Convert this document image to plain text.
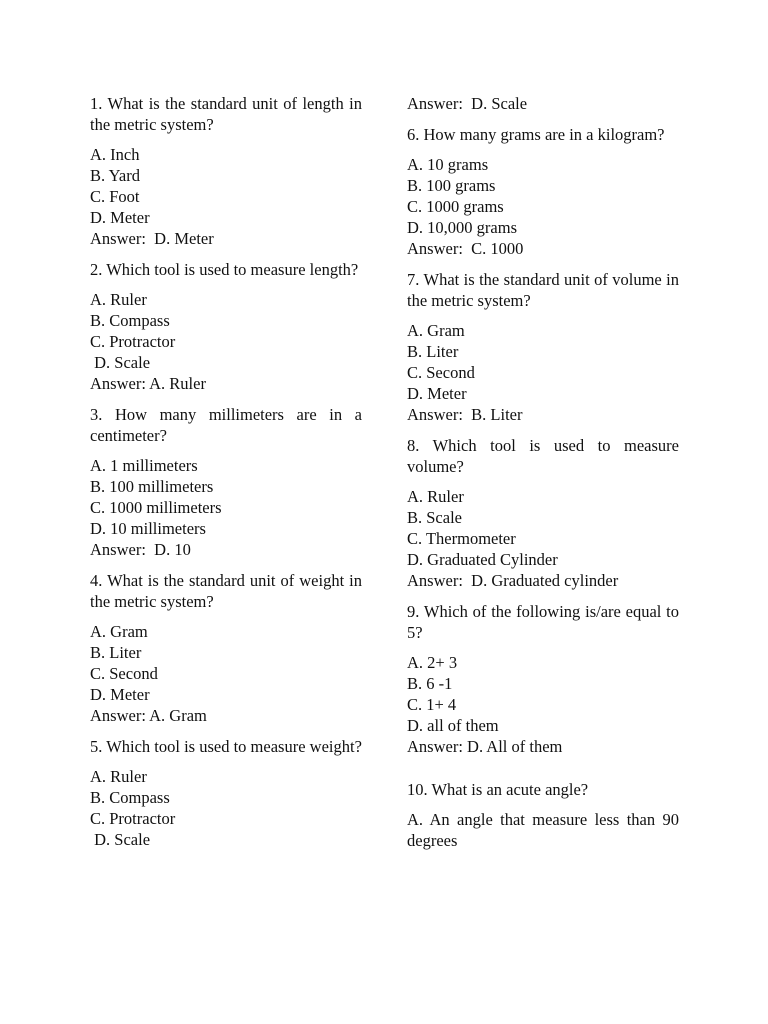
1. What is the standard unit of length in the metric system?
A. Inch
B. Yard
C. Foot
D. Meter
Answer:  D. Meter
2. Which tool is used to measure length?
A. Ruler
B. Compass
C. Protractor
D. Scale
Answer: A. Ruler
3. How many millimeters are in a centimeter?
A. 1 millimeters
B. 100 millimeters
C. 1000 millimeters
D. 10 millimeters
Answer:  D. 10
4. What is the standard unit of weight in the metric system?
A. Gram
B. Liter
C. Second
D. Meter
Answer: A. Gram
5. Which tool is used to measure weight?
A. Ruler
B. Compass
C. Protractor
D. Scale
Answer:  D. Scale
6. How many grams are in a kilogram?
A. 10 grams
B. 100 grams
C. 1000 grams
D. 10,000 grams
Answer:  C. 1000
7. What is the standard unit of volume in the metric system?
A. Gram
B. Liter
C. Second
D. Meter
Answer:  B. Liter
8. Which tool is used to measure volume?
A. Ruler
B. Scale
C. Thermometer
D. Graduated Cylinder
Answer:  D. Graduated cylinder
9. Which of the following is/are equal to 5?
A. 2+ 3
B. 6 -1
C. 1+ 4
D. all of them
Answer: D. All of them
10. What is an acute angle?
A. An angle that measure less than 90 degrees
